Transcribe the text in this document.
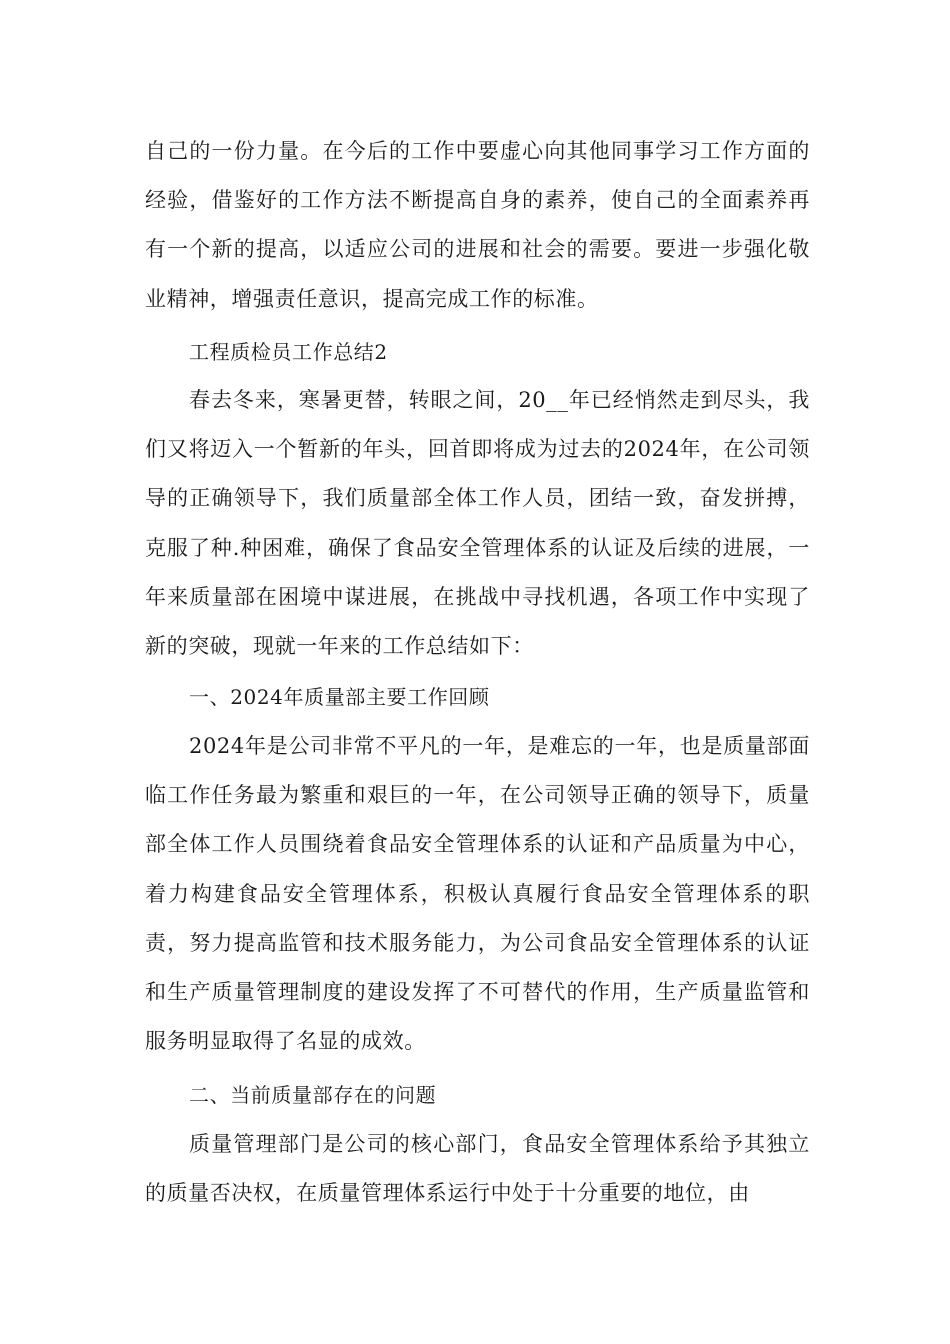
自己的一份力量。在今后的工作中要虚心向其他同事学习工作方面的经验，借鉴好的工作方法不断提高自身的素养，使自己的全面素养再有一个新的提高，以适应公司的进展和社会的需要。要进一步强化敬业精神，增强责任意识，提高完成工作的标准。

工程质检员工作总结2

春去冬来，寒暑更替，转眼之间，20__年已经悄然走到尽头，我们又将迈入一个暂新的年头，回首即将成为过去的2024年，在公司领导的正确领导下，我们质量部全体工作人员，团结一致，奋发拼搏，克服了种.种困难，确保了食品安全管理体系的认证及后续的进展，一年来质量部在困境中谋进展，在挑战中寻找机遇，各项工作中实现了新的突破，现就一年来的工作总结如下：

一、2024年质量部主要工作回顾

2024年是公司非常不平凡的一年，是难忘的一年，也是质量部面临工作任务最为繁重和艰巨的一年，在公司领导正确的领导下，质量部全体工作人员围绕着食品安全管理体系的认证和产品质量为中心，着力构建食品安全管理体系，积极认真履行食品安全管理体系的职责，努力提高监管和技术服务能力，为公司食品安全管理体系的认证和生产质量管理制度的建设发挥了不可替代的作用，生产质量监管和服务明显取得了名显的成效。

二、当前质量部存在的问题

质量管理部门是公司的核心部门，食品安全管理体系给予其独立的质量否决权，在质量管理体系运行中处于十分重要的地位，由
